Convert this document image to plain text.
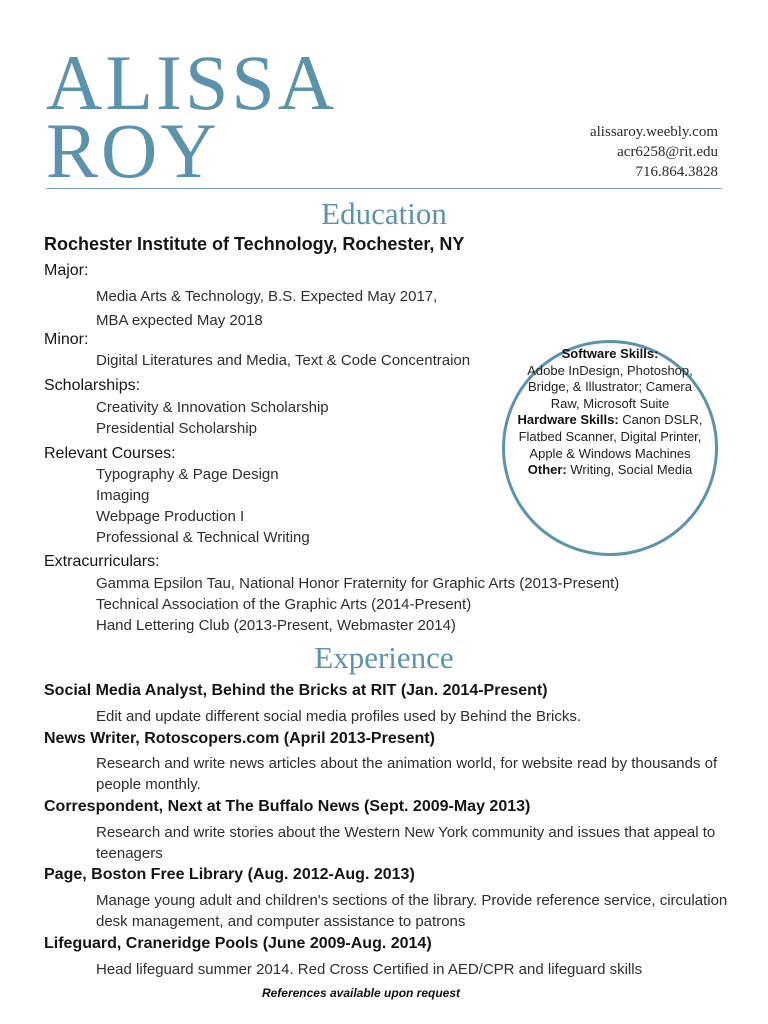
ALISSA
ROY	alissaroy.weebly.com
acr6258@rit.edu
716.864.3828
Education
Rochester Institute of Technology, Rochester, NY
Major:
Media Arts & Technology, B.S. Expected May 2017,
MBA expected May 2018
Minor:
Digital Literatures and Media, Text & Code Concentraion
Scholarships:
Creativity & Innovation Scholarship
Presidential Scholarship
Relevant Courses:
Typography & Page Design
Imaging
Webpage Production I
Professional & Technical Writing
Extracurriculars:
Gamma Epsilon Tau, National Honor Fraternity for Graphic Arts (2013-Present)
Technical Association of the Graphic Arts (2014-Present)
Hand Lettering Club (2013-Present, Webmaster 2014)
Software Skills:
Adobe InDesign, Photoshop, Bridge, & Illustrator; Camera Raw, Microsoft Suite
Hardware Skills: Canon DSLR, Flatbed Scanner, Digital Printer, Apple & Windows Machines
Other: Writing, Social Media
Experience
Social Media Analyst, Behind the Bricks at RIT (Jan. 2014-Present)
Edit and update different social media profiles used by Behind the Bricks.
News Writer, Rotoscopers.com (April 2013-Present)
Research and write news articles about the animation world, for website read by thousands of people monthly.
Correspondent, Next at The Buffalo News (Sept. 2009-May 2013)
Research and write stories about the Western New York community and issues that appeal to teenagers
Page, Boston Free Library (Aug. 2012-Aug. 2013)
Manage young adult and children's sections of the library. Provide reference service, circulation desk management, and computer assistance to patrons
Lifeguard, Craneridge Pools (June 2009-Aug. 2014)
Head lifeguard summer 2014. Red Cross Certified in AED/CPR and lifeguard skills
References available upon request
